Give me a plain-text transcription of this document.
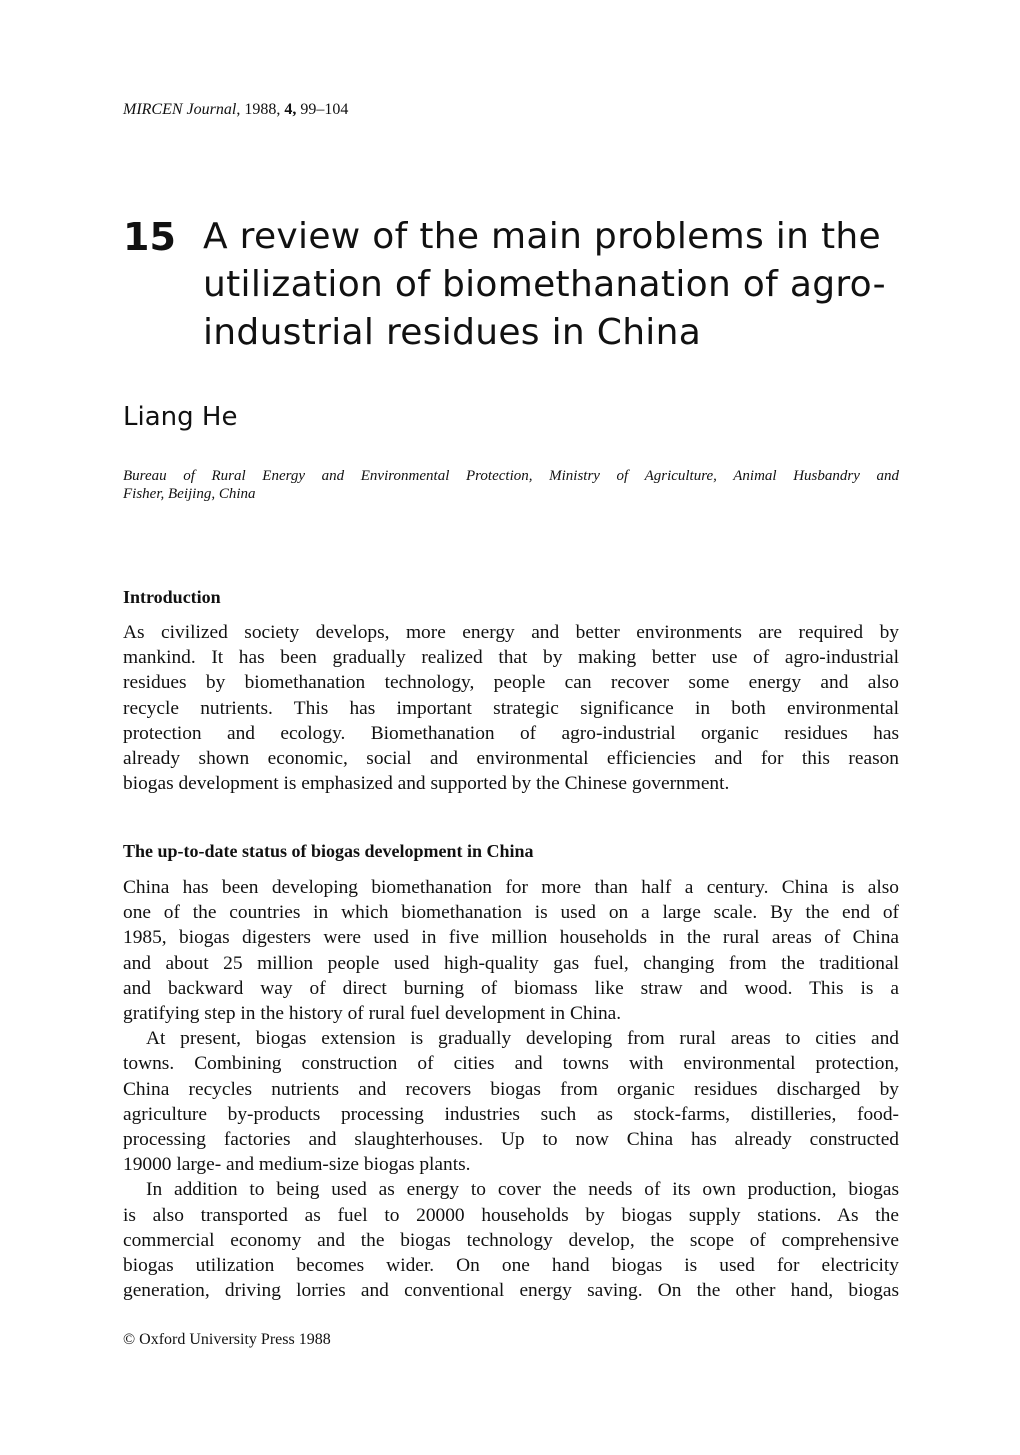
MIRCEN Journal, 1988, 4, 99–104
15 A review of the main problems in the
utilization of biomethanation of agro-
industrial residues in China
Liang He
Bureau of Rural Energy and Environmental Protection, Ministry of Agriculture, Animal Husbandry and
Fisher, Beijing, China
Introduction
As civilized society develops, more energy and better environments are required by
mankind. It has been gradually realized that by making better use of agro-industrial
residues by biomethanation technology, people can recover some energy and also
recycle nutrients. This has important strategic significance in both environmental
protection and ecology. Biomethanation of agro-industrial organic residues has
already shown economic, social and environmental efficiencies and for this reason
biogas development is emphasized and supported by the Chinese government.
The up-to-date status of biogas development in China
China has been developing biomethanation for more than half a century. China is also
one of the countries in which biomethanation is used on a large scale. By the end of
1985, biogas digesters were used in five million households in the rural areas of China
and about 25 million people used high-quality gas fuel, changing from the traditional
and backward way of direct burning of biomass like straw and wood. This is a
gratifying step in the history of rural fuel development in China.
At present, biogas extension is gradually developing from rural areas to cities and
towns. Combining construction of cities and towns with environmental protection,
China recycles nutrients and recovers biogas from organic residues discharged by
agriculture by-products processing industries such as stock-farms, distilleries, food-
processing factories and slaughterhouses. Up to now China has already constructed
19000 large- and medium-size biogas plants.
In addition to being used as energy to cover the needs of its own production, biogas
is also transported as fuel to 20000 households by biogas supply stations. As the
commercial economy and the biogas technology develop, the scope of comprehensive
biogas utilization becomes wider. On one hand biogas is used for electricity
generation, driving lorries and conventional energy saving. On the other hand, biogas
© Oxford University Press 1988
